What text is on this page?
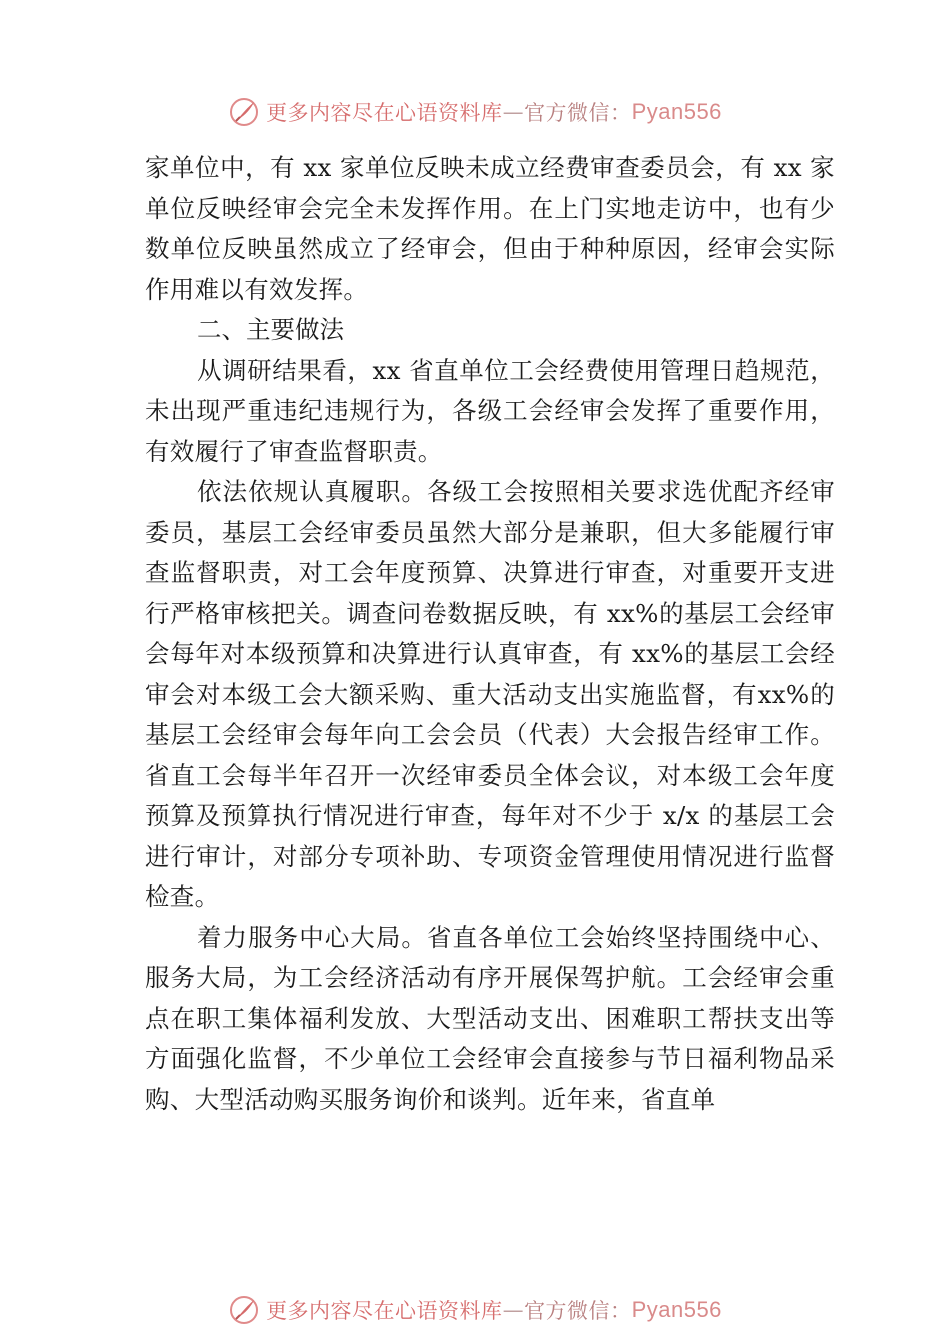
更多内容尽在心语资料库 — 官方微信： Pyan556

家单位中，有 xx 家单位反映未成立经费审查委员会，有 xx 家单位反映经审会完全未发挥作用。在上门实地走访中，也有少数单位反映虽然成立了经审会，但由于种种原因，经审会实际作用难以有效发挥。

二、主要做法

从调研结果看，xx 省直单位工会经费使用管理日趋规范，未出现严重违纪违规行为，各级工会经审会发挥了重要作用，有效履行了审查监督职责。

依法依规认真履职。各级工会按照相关要求选优配齐经审委员，基层工会经审委员虽然大部分是兼职，但大多能履行审查监督职责，对工会年度预算、决算进行审查，对重要开支进行严格审核把关。调查问卷数据反映，有 xx%的基层工会经审会每年对本级预算和决算进行认真审查，有 xx%的基层工会经审会对本级工会大额采购、重大活动支出实施监督，有xx%的基层工会经审会每年向工会会员（代表）大会报告经审工作。省直工会每半年召开一次经审委员全体会议，对本级工会年度预算及预算执行情况进行审查，每年对不少于 x/x 的基层工会进行审计，对部分专项补助、专项资金管理使用情况进行监督检查。

着力服务中心大局。省直各单位工会始终坚持围绕中心、服务大局，为工会经济活动有序开展保驾护航。工会经审会重点在职工集体福利发放、大型活动支出、困难职工帮扶支出等方面强化监督，不少单位工会经审会直接参与节日福利物品采购、大型活动购买服务询价和谈判。近年来，省直单

更多内容尽在心语资料库 — 官方微信： Pyan556
